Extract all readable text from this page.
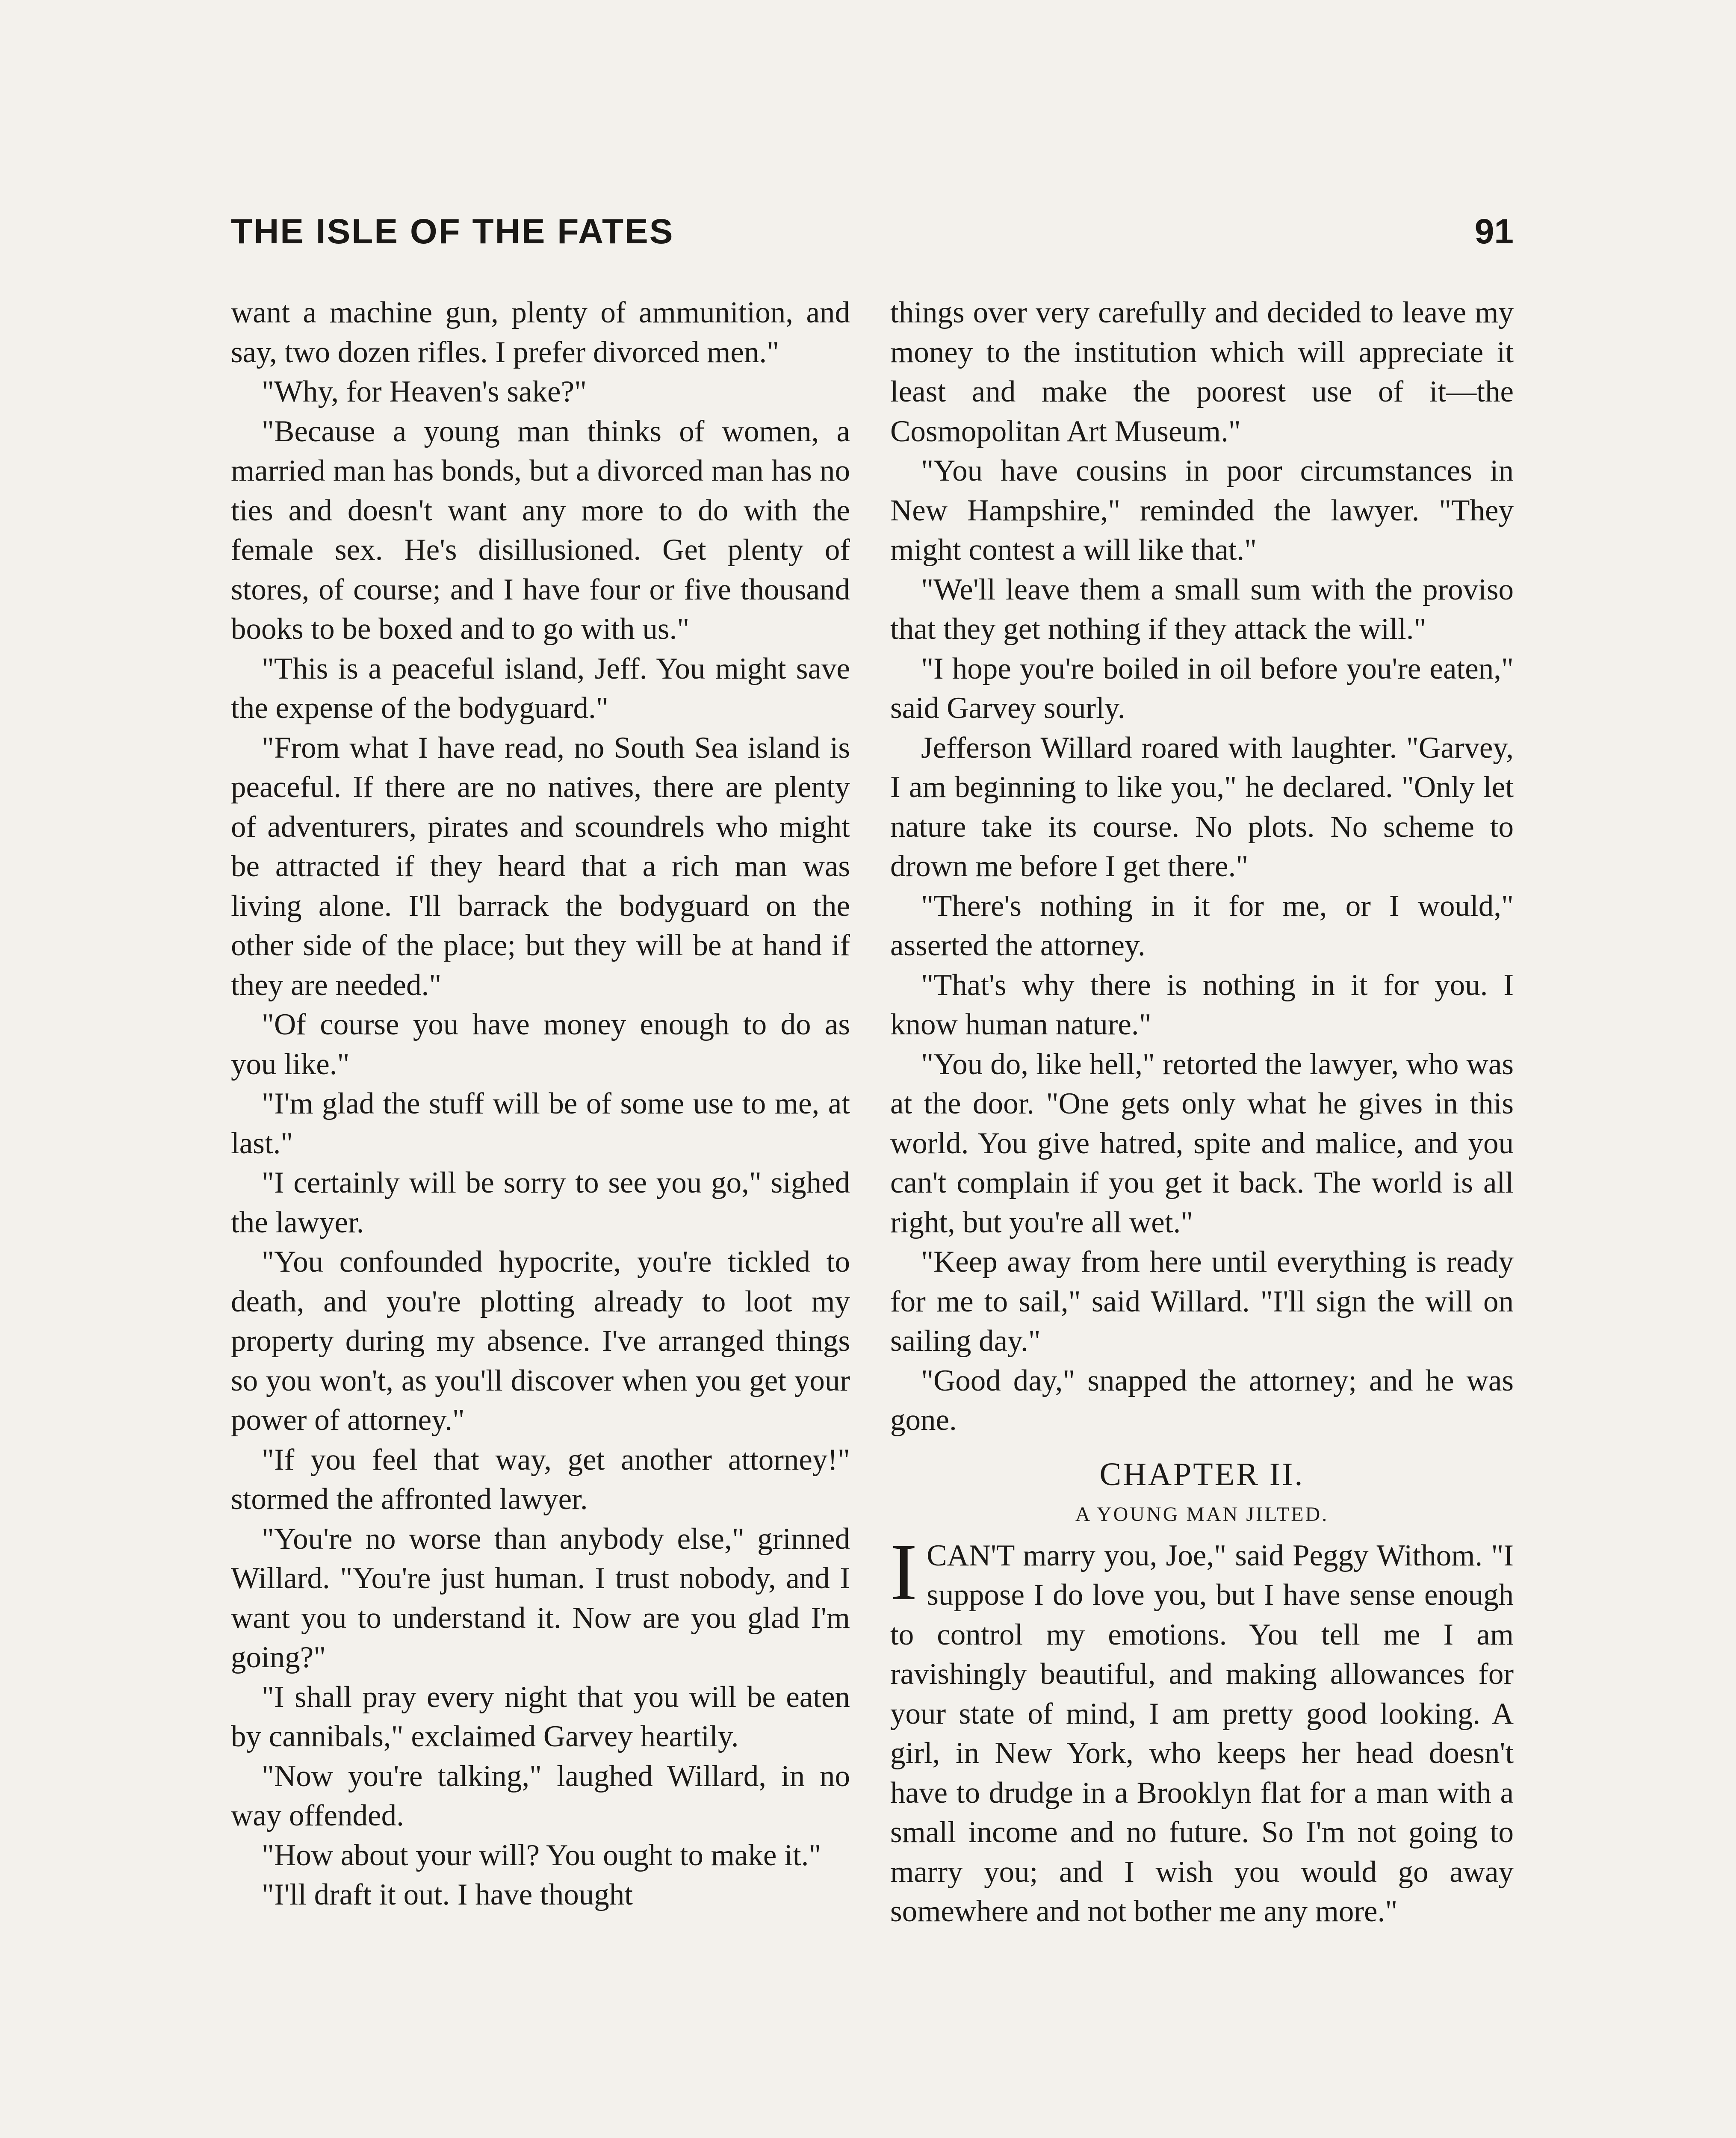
THE ISLE OF THE FATES	91

want a machine gun, plenty of ammunition, and say, two dozen rifles. I prefer divorced men."

"Why, for Heaven's sake?"

"Because a young man thinks of women, a married man has bonds, but a divorced man has no ties and doesn't want any more to do with the female sex. He's disillusioned. Get plenty of stores, of course; and I have four or five thousand books to be boxed and to go with us."

"This is a peaceful island, Jeff. You might save the expense of the bodyguard."

"From what I have read, no South Sea island is peaceful. If there are no natives, there are plenty of adventurers, pirates and scoundrels who might be attracted if they heard that a rich man was living alone. I'll barrack the bodyguard on the other side of the place; but they will be at hand if they are needed."

"Of course you have money enough to do as you like."

"I'm glad the stuff will be of some use to me, at last."

"I certainly will be sorry to see you go," sighed the lawyer.

"You confounded hypocrite, you're tickled to death, and you're plotting already to loot my property during my absence. I've arranged things so you won't, as you'll discover when you get your power of attorney."

"If you feel that way, get another attorney!" stormed the affronted lawyer.

"You're no worse than anybody else," grinned Willard. "You're just human. I trust nobody, and I want you to understand it. Now are you glad I'm going?"

"I shall pray every night that you will be eaten by cannibals," exclaimed Garvey heartily.

"Now you're talking," laughed Willard, in no way offended.

"How about your will? You ought to make it."

"I'll draft it out. I have thought

things over very carefully and decided to leave my money to the institution which will appreciate it least and make the poorest use of it—the Cosmopolitan Art Museum."

"You have cousins in poor circumstances in New Hampshire," reminded the lawyer. "They might contest a will like that."

"We'll leave them a small sum with the proviso that they get nothing if they attack the will."

"I hope you're boiled in oil before you're eaten," said Garvey sourly.

Jefferson Willard roared with laughter. "Garvey, I am beginning to like you," he declared. "Only let nature take its course. No plots. No scheme to drown me before I get there."

"There's nothing in it for me, or I would," asserted the attorney.

"That's why there is nothing in it for you. I know human nature."

"You do, like hell," retorted the lawyer, who was at the door. "One gets only what he gives in this world. You give hatred, spite and malice, and you can't complain if you get it back. The world is all right, but you're all wet."

"Keep away from here until everything is ready for me to sail," said Willard. "I'll sign the will on sailing day."

"Good day," snapped the attorney; and he was gone.

CHAPTER II.
A YOUNG MAN JILTED.

ICAN'T marry you, Joe," said Peggy Withom. "I suppose I do love you, but I have sense enough to control my emotions. You tell me I am ravishingly beautiful, and making allowances for your state of mind, I am pretty good looking. A girl, in New York, who keeps her head doesn't have to drudge in a Brooklyn flat for a man with a small income and no future. So I'm not going to marry you; and I wish you would go away somewhere and not bother me any more."
